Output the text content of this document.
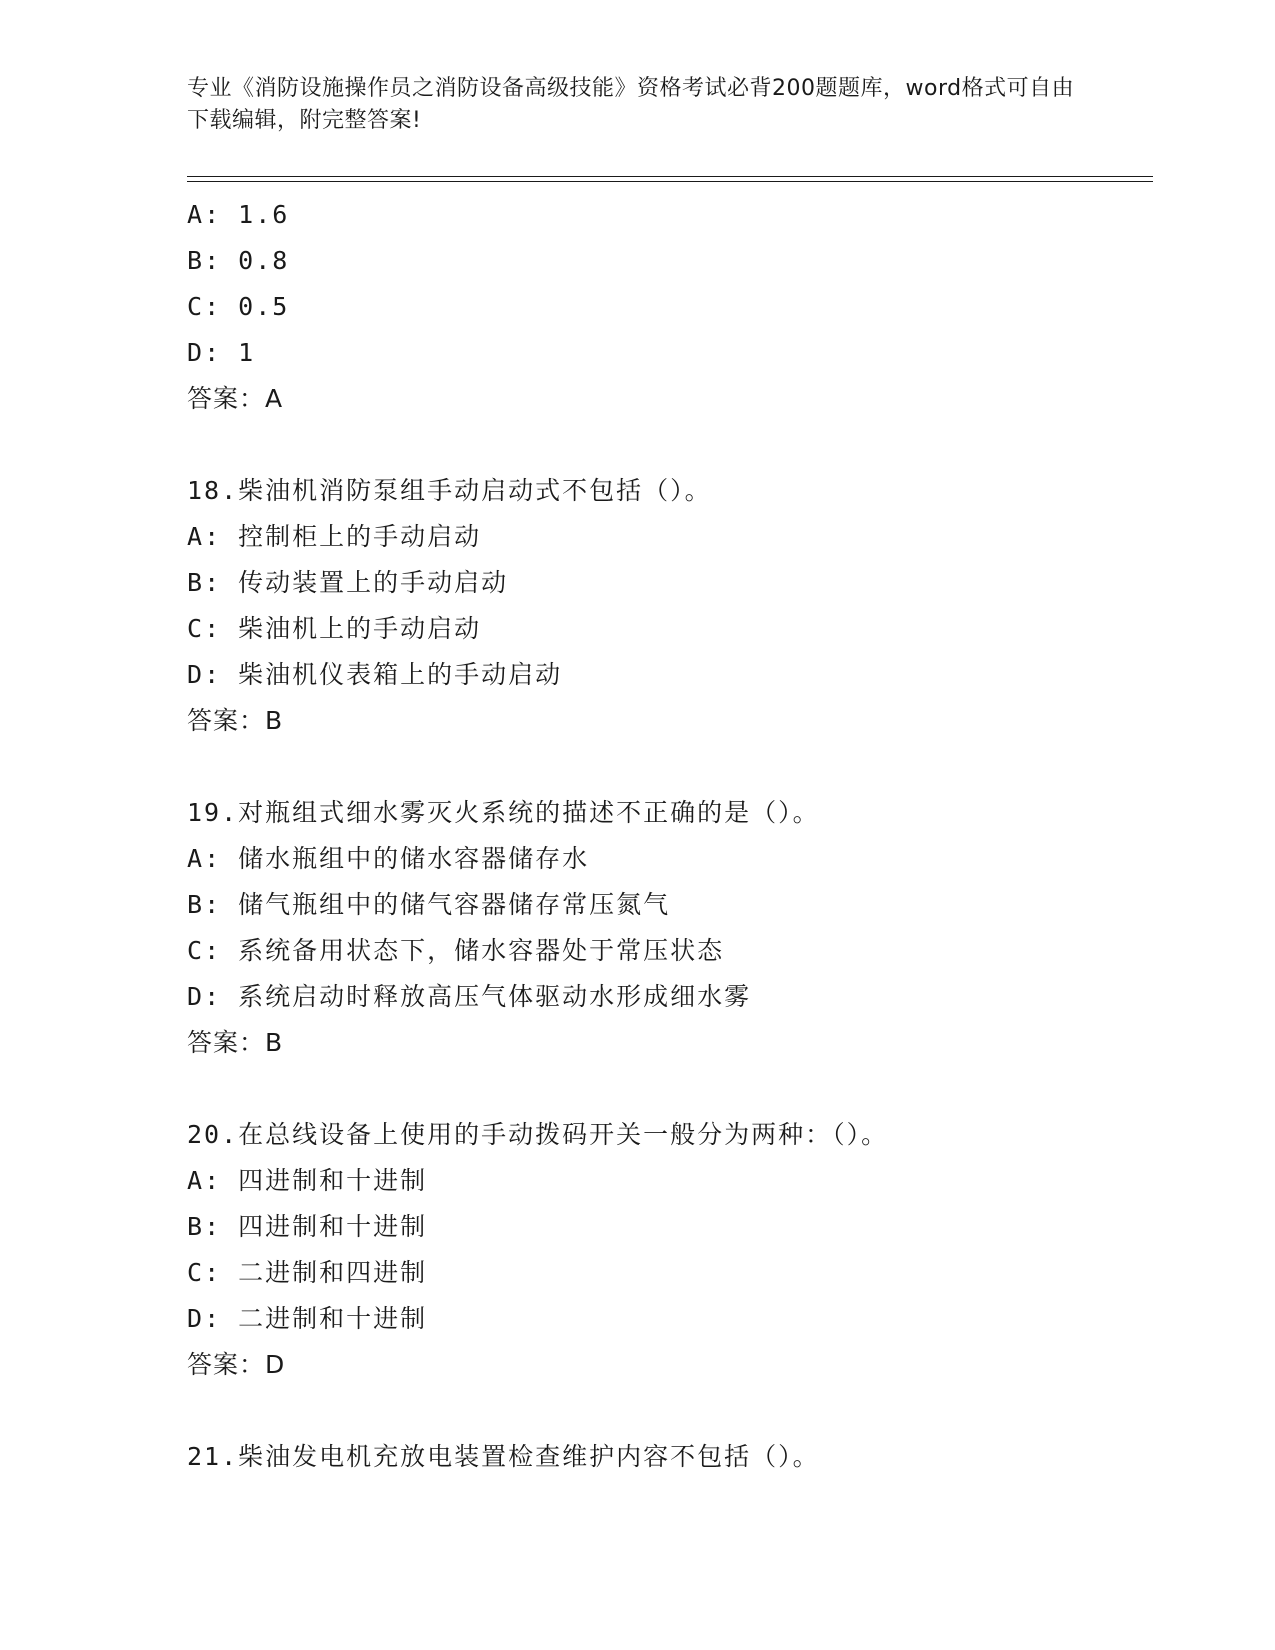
专业《消防设施操作员之消防设备高级技能》资格考试必背200题题库，word格式可自由下载编辑，附完整答案!
A: 1.6
B: 0.8
C: 0.5
D: 1
答案：A
18.柴油机消防泵组手动启动式不包括（）。
A: 控制柜上的手动启动
B: 传动装置上的手动启动
C: 柴油机上的手动启动
D: 柴油机仪表箱上的手动启动
答案：B
19.对瓶组式细水雾灭火系统的描述不正确的是（）。
A: 储水瓶组中的储水容器储存水
B: 储气瓶组中的储气容器储存常压氮气
C: 系统备用状态下，储水容器处于常压状态
D: 系统启动时释放高压气体驱动水形成细水雾
答案：B
20.在总线设备上使用的手动拨码开关一般分为两种：（）。
A: 四进制和十进制
B: 四进制和十进制
C: 二进制和四进制
D: 二进制和十进制
答案：D
21.柴油发电机充放电装置检查维护内容不包括（）。
